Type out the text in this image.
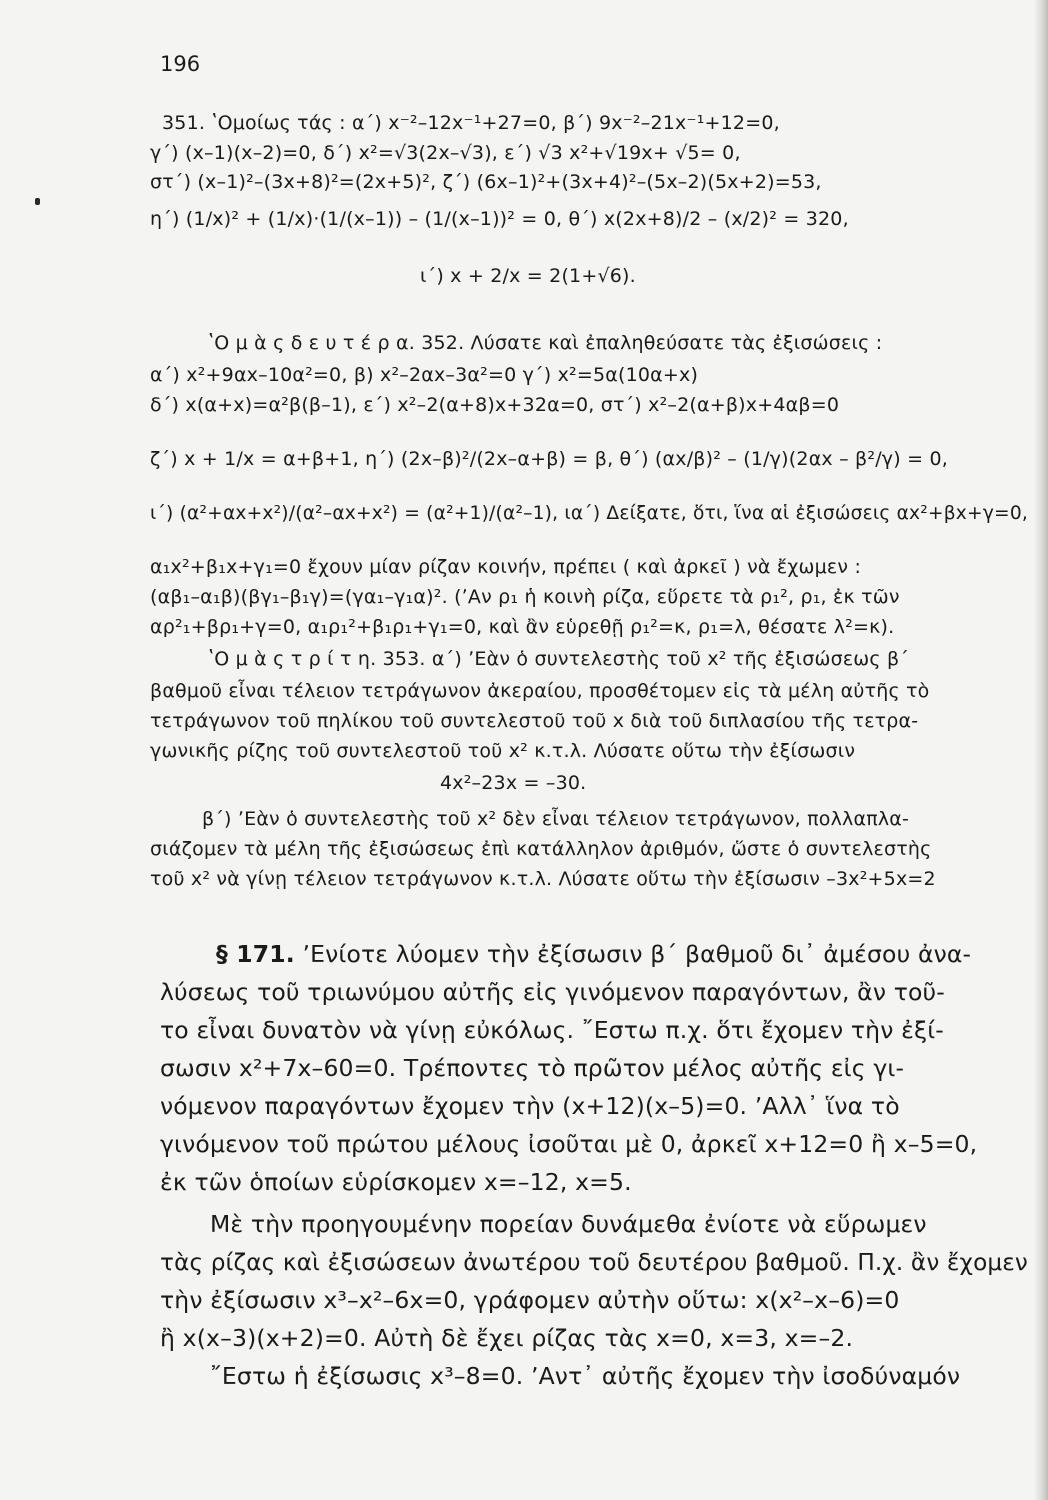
196
351. ʽΟμοίως τάς : α΄) x⁻²–12x⁻¹+27=0, β΄) 9x⁻²–21x⁻¹+12=0,
γ΄) (x–1)(x–2)=0, δ΄) x²=√3(2x–√3), ε΄) √3 x²+√19x+ √5= 0,
στ΄) (x–1)²–(3x+8)²=(2x+5)², ζ΄) (6x–1)²+(3x+4)²–(5x–2)(5x+2)=53,
η΄) (1/x)² + (1/x)·(1/(x–1)) – (1/(x–1))² = 0, θ΄) x(2x+8)/2 – (x/2)² = 320,
ι΄) x + 2/x = 2(1+√6).
ʽΟ μ ὰ ς δ ε υ τ έ ρ α. 352. Λύσατε καὶ ἐπαληθεύσατε τὰς ἐξισώσεις :
α΄) x²+9αx–10α²=0, β) x²–2αx–3α²=0 γ΄) x²=5α(10α+x)
δ΄) x(α+x)=α²β(β–1), ε΄) x²–2(α+8)x+32α=0, στ΄) x²–2(α+β)x+4αβ=0
ζ΄) x + 1/x = α+β+1, η΄) (2x–β)²/(2x–α+β) = β, θ΄) (αx/β)² – (1/γ)(2αx – β²/γ) = 0,
ι΄) (α²+αx+x²)/(α²–αx+x²) = (α²+1)/(α²–1), ια΄) Δείξατε, ὅτι, ἵνα αἱ ἐξισώσεις αx²+βx+γ=0,
α₁x²+β₁x+γ₁=0 ἔχουν μίαν ρίζαν κοινήν, πρέπει ( καὶ ἀρκεῖ ) νὰ ἔχωμεν :
(αβ₁–α₁β)(βγ₁–β₁γ)=(γα₁–γ₁α)². (ʼΑν ρ₁ ἡ κοινὴ ρίζα, εὕρετε τὰ ρ₁², ρ₁, ἐκ τῶν
αρ²₁+βρ₁+γ=0, α₁ρ₁²+β₁ρ₁+γ₁=0, καὶ ἂν εὑρεθῇ ρ₁²=κ, ρ₁=λ, θέσατε λ²=κ).
ʽΟ μ ὰ ς τ ρ ί τ η. 353. α΄) ʼΕὰν ὁ συντελεστὴς τοῦ x² τῆς ἐξισώσεως β΄
βαθμοῦ εἶναι τέλειον τετράγωνον ἀκεραίου, προσθέτομεν εἰς τὰ μέλη αὐτῆς τὸ
τετράγωνον τοῦ πηλίκου τοῦ συντελεστοῦ τοῦ x διὰ τοῦ διπλασίου τῆς τετρα-
γωνικῆς ρίζης τοῦ συντελεστοῦ τοῦ x² κ.τ.λ. Λύσατε οὕτω τὴν ἐξίσωσιν
4x²–23x = –30.
β΄) ʼΕὰν ὁ συντελεστὴς τοῦ x² δὲν εἶναι τέλειον τετράγωνον, πολλαπλα-
σιάζομεν τὰ μέλη τῆς ἐξισώσεως ἐπὶ κατάλληλον ἀριθμόν, ὥστε ὁ συντελεστὴς
τοῦ x² νὰ γίνῃ τέλειον τετράγωνον κ.τ.λ. Λύσατε οὕτω τὴν ἐξίσωσιν –3x²+5x=2
§ 171. ʼΕνίοτε λύομεν τὴν ἐξίσωσιν β΄ βαθμοῦ δι᾿ ἀμέσου ἀνα-
λύσεως τοῦ τριωνύμου αὐτῆς εἰς γινόμενον παραγόντων, ἂν τοῦ-
το εἶναι δυνατὸν νὰ γίνῃ εὐκόλως. ῎Εστω π.χ. ὅτι ἔχομεν τὴν ἐξί-
σωσιν x²+7x–60=0. Τρέποντες τὸ πρῶτον μέλος αὐτῆς εἰς γι-
νόμενον παραγόντων ἔχομεν τὴν (x+12)(x–5)=0. ʼΑλλ᾿ ἵνα τὸ
γινόμενον τοῦ πρώτου μέλους ἰσοῦται μὲ 0, ἀρκεῖ x+12=0 ἢ x–5=0,
ἐκ τῶν ὁποίων εὑρίσκομεν x=–12, x=5.
Μὲ τὴν προηγουμένην πορείαν δυνάμεθα ἐνίοτε νὰ εὕρωμεν
τὰς ρίζας καὶ ἐξισώσεων ἀνωτέρου τοῦ δευτέρου βαθμοῦ. Π.χ. ἂν ἔχομεν
τὴν ἐξίσωσιν x³–x²–6x=0, γράφομεν αὐτὴν οὕτω: x(x²–x–6)=0
ἢ x(x–3)(x+2)=0. Αὐτὴ δὲ ἔχει ρίζας τὰς x=0, x=3, x=–2.
῎Εστω ἡ ἐξίσωσις x³–8=0. ʼΑντ᾿ αὐτῆς ἔχομεν τὴν ἰσοδύναμόν
